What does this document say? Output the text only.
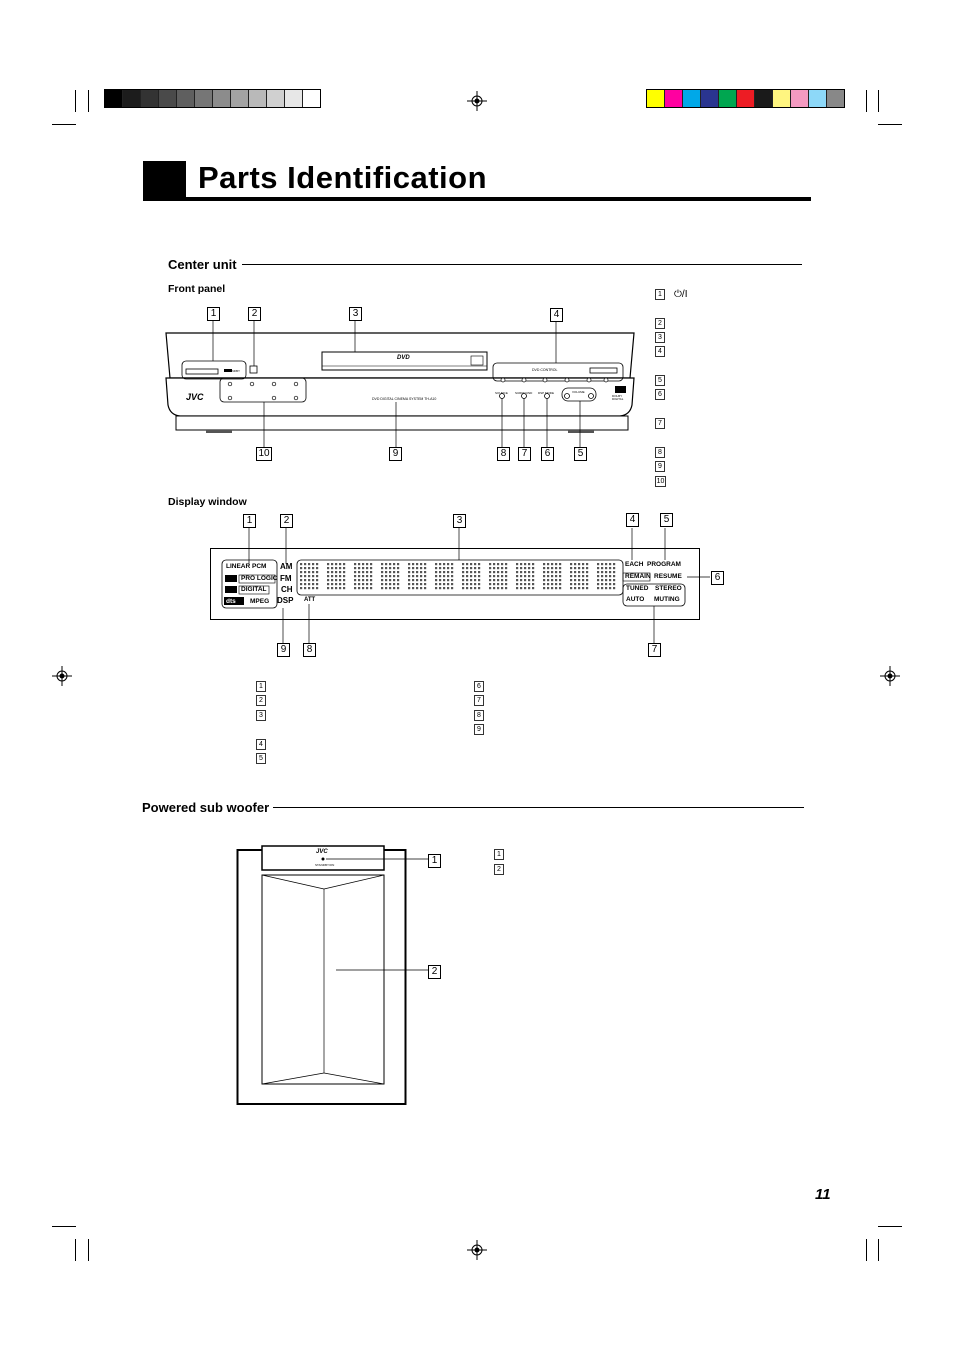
Parts Identification
Center unit
Front panel
JVC
DVD
DVD DIGITAL CINEMA SYSTEM TH-A10
DVD CONTROL
STANDBY
DOLBY DIGITAL
SOURCE SURROUND DSP MODE	VOLUME
1	2	3	4
10	9	8	7	6	5
1	⏻/I
2
3
4
5
6
7
8
9
10
Display window
LINEAR PCM
PRO LOGIC
DIGITAL
MPEG
dts
AM
FM
CH
DSP ATT
EACH PROGRAM
REMAIN RESUME
TUNED STEREO
AUTO MUTING
1	2	3	4	5
6
9	8	7
1
2
3
4
5
6
7
8
9
Powered sub woofer
JVC
STANDBY/ON	1
2
1
2
11
